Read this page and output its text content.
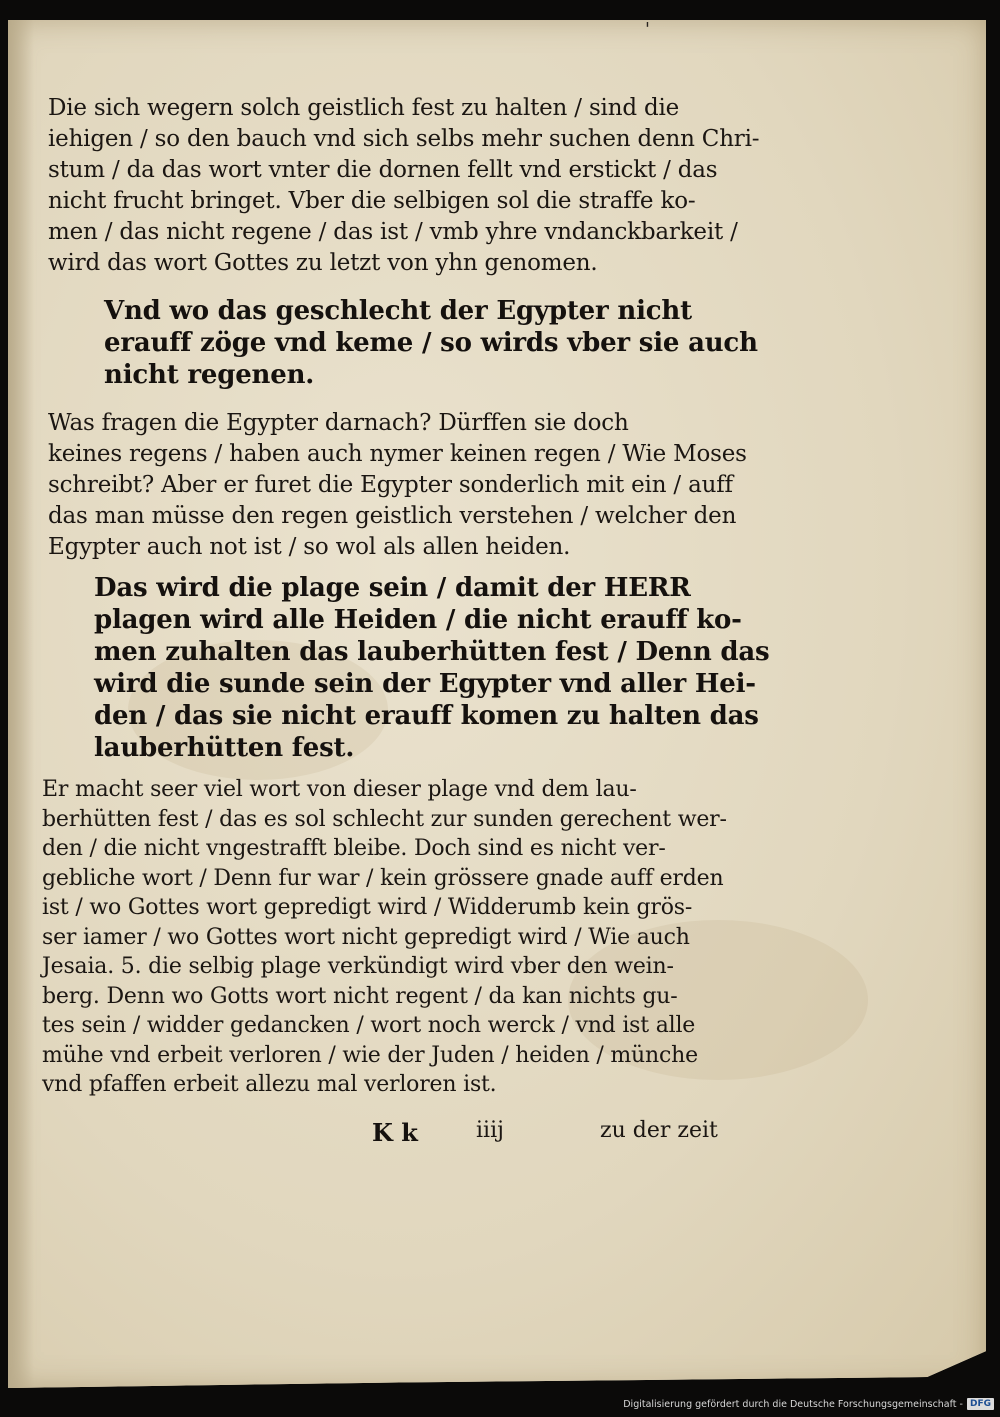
'

Die sich wegern solch geistlich fest zu halten / sind die
iehigen / so den bauch vnd sich selbs mehr suchen denn Chri-
stum / da das wort vnter die dornen fellt vnd erstickt / das
nicht frucht bringet. Vber die selbigen sol die straffe ko-
men / das nicht regene / das ist / vmb yhre vndanckbarkeit /
wird das wort Gottes zu letzt von yhn genomen.

Vnd wo das geschlecht der Egypter nicht
erauff zöge vnd keme / so wirds vber sie auch
nicht regenen.

Was fragen die Egypter darnach? Dürffen sie doch
keines regens / haben auch nymer keinen regen / Wie Moses
schreibt? Aber er furet die Egypter sonderlich mit ein / auff
das man müsse den regen geistlich verstehen / welcher den
Egypter auch not ist / so wol als allen heiden.

Das wird die plage sein / damit der HERR
plagen wird alle Heiden / die nicht erauff ko-
men zuhalten das lauberhütten fest / Denn das
wird die sunde sein der Egypter vnd aller Hei-
den / das sie nicht erauff komen zu halten das
lauberhütten fest.

Er macht seer viel wort von dieser plage vnd dem lau-
berhütten fest / das es sol schlecht zur sunden gerechent wer-
den / die nicht vngestrafft bleibe. Doch sind es nicht ver-
gebliche wort / Denn fur war / kein grössere gnade auff erden
ist / wo Gottes wort gepredigt wird / Widderumb kein grös-
ser iamer / wo Gottes wort nicht gepredigt wird / Wie auch
Jesaia. 5. die selbig plage verkündigt wird vber den wein-
berg. Denn wo Gotts wort nicht regent / da kan nichts gu-
tes sein / widder gedancken / wort noch werck / vnd ist alle
mühe vnd erbeit verloren / wie der Juden / heiden / münche
vnd pfaffen erbeit allezu mal verloren ist.

K k	iiij	zu der zeit

Digitalisierung gefördert durch die Deutsche Forschungsgemeinschaft - DFG
